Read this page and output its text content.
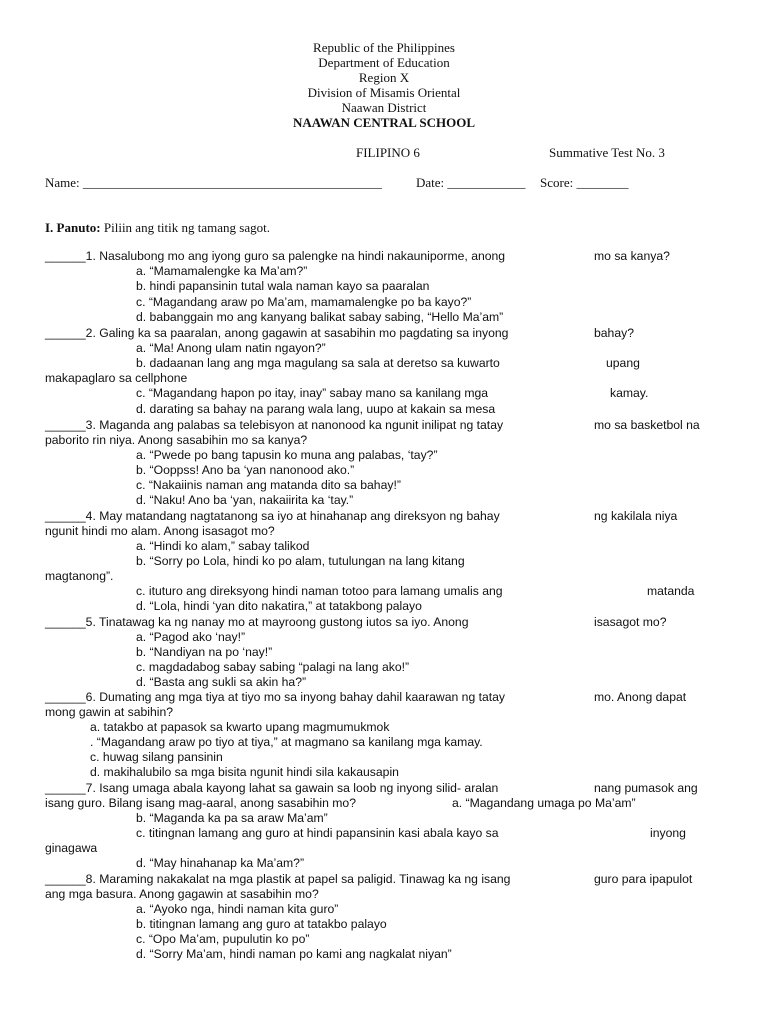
Republic of the Philippines
Department of Education
Region X
Division of Misamis Oriental
Naawan District
NAAWAN CENTRAL SCHOOL
FILIPINO 6	Summative Test No. 3
Name: ______________________________________________	Date: ____________ Score: ________
I. Panuto: Piliin ang titik ng tamang sagot.
______1. Nasalubong mo ang iyong guro sa palengke na hindi nakauniporme, anong	mo sa kanya?
a. “Mamamalengke ka Ma’am?”
b. hindi papansinin tutal wala naman kayo sa paaralan
c. “Magandang araw po Ma’am, mamamalengke po ba kayo?”
d. babanggain mo ang kanyang balikat sabay sabing, “Hello Ma’am”
______2. Galing ka sa paaralan, anong gagawin at sasabihin mo pagdating sa inyong	bahay?
a. “Ma! Anong ulam natin ngayon?”
b. dadaanan lang ang mga magulang sa sala at deretso sa kuwarto	upang
makapaglaro sa cellphone
c. “Magandang hapon po itay, inay” sabay mano sa kanilang mga	kamay.
d. darating sa bahay na parang wala lang, uupo at kakain sa mesa
______3. Maganda ang palabas sa telebisyon at nanonood ka ngunit inilipat ng tatay	mo sa basketbol na
paborito rin niya. Anong sasabihin mo sa kanya?
a. “Pwede po bang tapusin ko muna ang palabas, ‘tay?”
b. “Ooppss! Ano ba ‘yan nanonood ako.”
c. “Nakaiinis naman ang matanda dito sa bahay!”
d. “Naku! Ano ba ‘yan, nakaiirita ka ‘tay.”
______4. May matandang nagtatanong sa iyo at hinahanap ang direksyon ng bahay	ng kakilala niya
ngunit hindi mo alam. Anong isasagot mo?
a. “Hindi ko alam,” sabay talikod
b. “Sorry po Lola, hindi ko po alam, tutulungan na lang kitang
magtanong”.
c. ituturo ang direksyong hindi naman totoo para lamang umalis ang	matanda
d. “Lola, hindi ‘yan dito nakatira,” at tatakbong palayo
______5. Tinatawag ka ng nanay mo at mayroong gustong iutos sa iyo. Anong	isasagot mo?
a. “Pagod ako ‘nay!”
b. “Nandiyan na po ‘nay!”
c. magdadabog sabay sabing “palagi na lang ako!”
d. “Basta ang sukli sa akin ha?”
______6. Dumating ang mga tiya at tiyo mo sa inyong bahay dahil kaarawan ng tatay	mo. Anong dapat
mong gawin at sabihin?
a. tatakbo at papasok sa kwarto upang magmumukmok
. “Magandang araw po tiyo at tiya,” at magmano sa kanilang mga kamay.
c. huwag silang pansinin
d. makihalubilo sa mga bisita ngunit hindi sila kakausapin
______7. Isang umaga abala kayong lahat sa gawain sa loob ng inyong silid- aralan	nang pumasok ang
isang guro. Bilang isang mag-aaral, anong sasabihin mo?	a. “Magandang umaga po Ma’am”
b. “Maganda ka pa sa araw Ma’am”
c. titingnan lamang ang guro at hindi papansinin kasi abala kayo sa	inyong
ginagawa
d. “May hinahanap ka Ma’am?”
______8. Maraming nakakalat na mga plastik at papel sa paligid. Tinawag ka ng isang	guro para ipapulot
ang mga basura. Anong gagawin at sasabihin mo?
a. “Ayoko nga, hindi naman kita guro”
b. titingnan lamang ang guro at tatakbo palayo
c. “Opo Ma’am, pupulutin ko po”
d. “Sorry Ma’am, hindi naman po kami ang nagkalat niyan”
